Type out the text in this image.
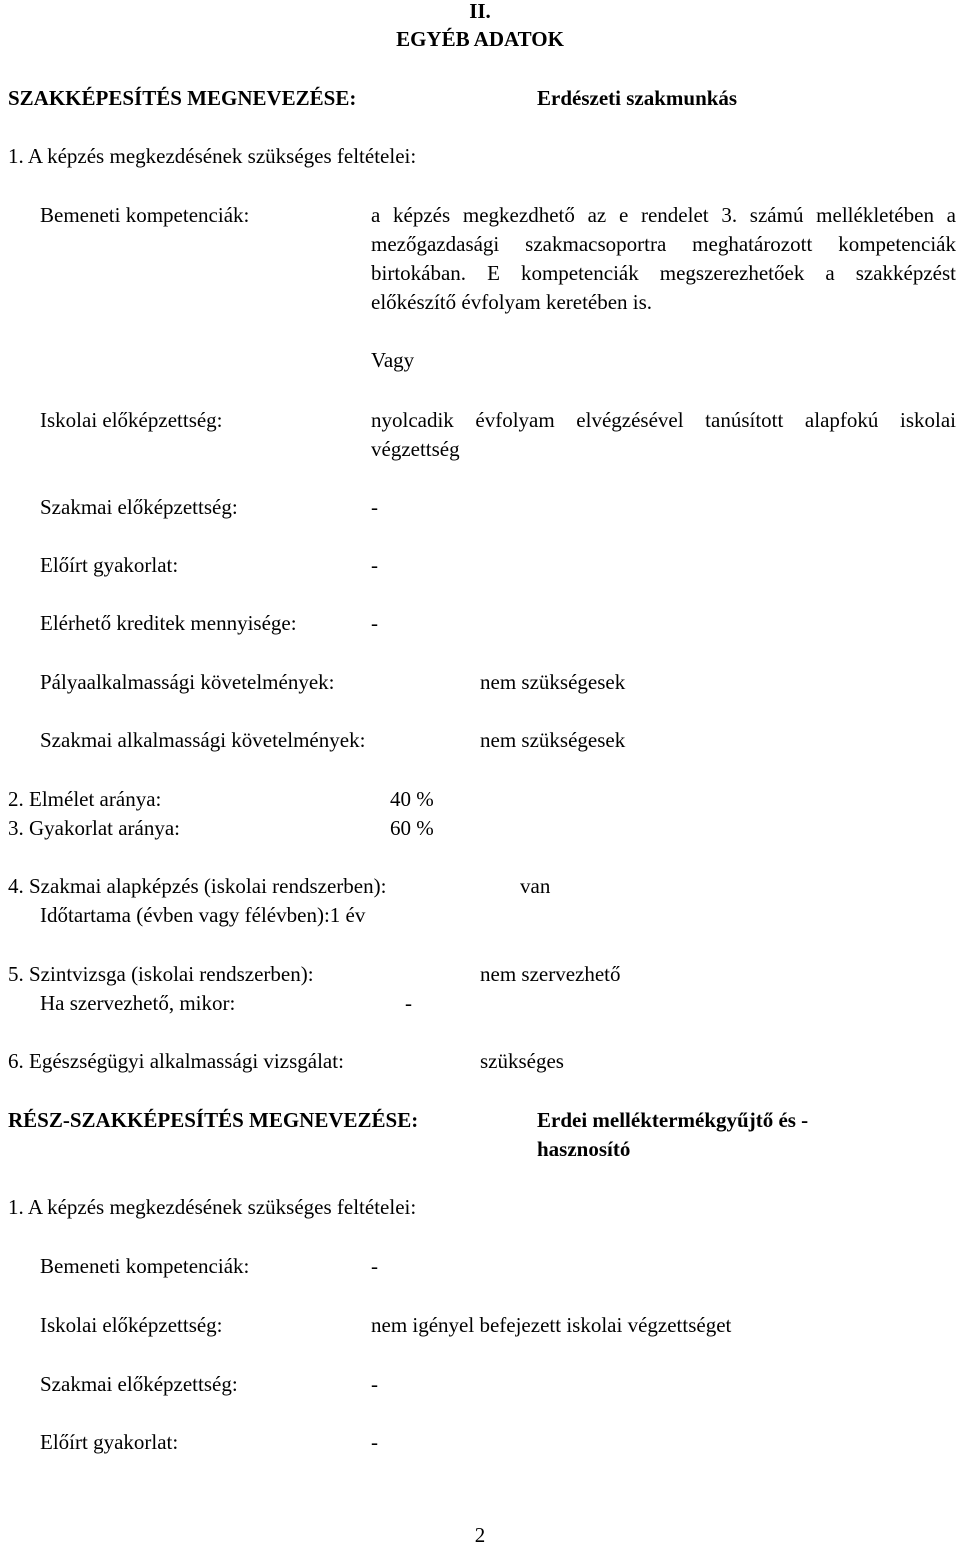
II.
EGYÉB ADATOK
SZAKKÉPESÍTÉS MEGNEVEZÉSE:	Erdészeti szakmunkás
1. A képzés megkezdésének szükséges feltételei:
Bemeneti kompetenciák:	a képzés megkezdhető az e rendelet 3. számú mellékletében a mezőgazdasági szakmacsoportra meghatározott kompetenciák birtokában. E kompetenciák megszerezhetőek a szakképzést előkészítő évfolyam keretében is.
Vagy
Iskolai előképzettség:	nyolcadik évfolyam elvégzésével tanúsított alapfokú iskolai végzettség
Szakmai előképzettség:	-
Előírt gyakorlat:	-
Elérhető kreditek mennyisége:	-
Pályaalkalmassági követelmények:	nem szükségesek
Szakmai alkalmassági követelmények:	nem szükségesek
2. Elmélet aránya:	40 %
3. Gyakorlat aránya:	60 %
4. Szakmai alapképzés (iskolai rendszerben):	van
Időtartama (évben vagy félévben):1 év
5. Szintvizsga (iskolai rendszerben):	nem szervezhető
Ha szervezhető, mikor:	-
6. Egészségügyi alkalmassági vizsgálat:	szükséges
RÉSZ-SZAKKÉPESÍTÉS MEGNEVEZÉSE:	Erdei melléktermékgyűjtő és -
hasznosító
1. A képzés megkezdésének szükséges feltételei:
Bemeneti kompetenciák:	-
Iskolai előképzettség:	nem igényel befejezett iskolai végzettséget
Szakmai előképzettség:	-
Előírt gyakorlat:	-
2
